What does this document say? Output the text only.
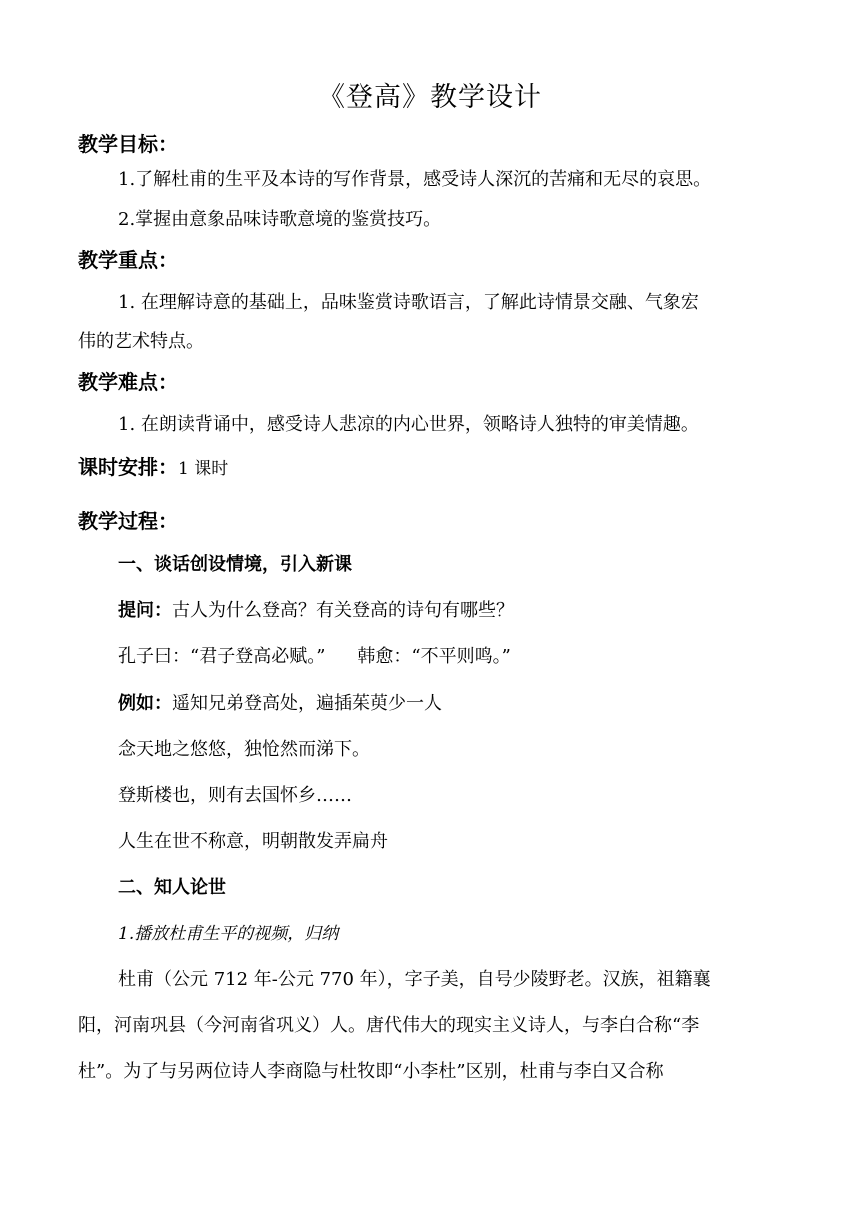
《登高》教学设计
教学目标：
1.了解杜甫的生平及本诗的写作背景，感受诗人深沉的苦痛和无尽的哀思。
2.掌握由意象品味诗歌意境的鉴赏技巧。
教学重点：
1. 在理解诗意的基础上，品味鉴赏诗歌语言，了解此诗情景交融、气象宏
伟的艺术特点。
教学难点：
1. 在朗读背诵中，感受诗人悲凉的内心世界，领略诗人独特的审美情趣。
课时安排：1 课时
教学过程：
一、谈话创设情境，引入新课
提问：古人为什么登高？有关登高的诗句有哪些？
孔子曰：“君子登高必赋。” 韩愈：“不平则鸣。”
例如：遥知兄弟登高处，遍插茱萸少一人
念天地之悠悠，独怆然而涕下。
登斯楼也，则有去国怀乡……
人生在世不称意，明朝散发弄扁舟
二、知人论世
1.播放杜甫生平的视频，归纳
杜甫（公元 712 年-公元 770 年），字子美，自号少陵野老。汉族，祖籍襄
阳，河南巩县（今河南省巩义）人。唐代伟大的现实主义诗人，与李白合称“李
杜”。为了与另两位诗人李商隐与杜牧即“小李杜”区别，杜甫与李白又合称
